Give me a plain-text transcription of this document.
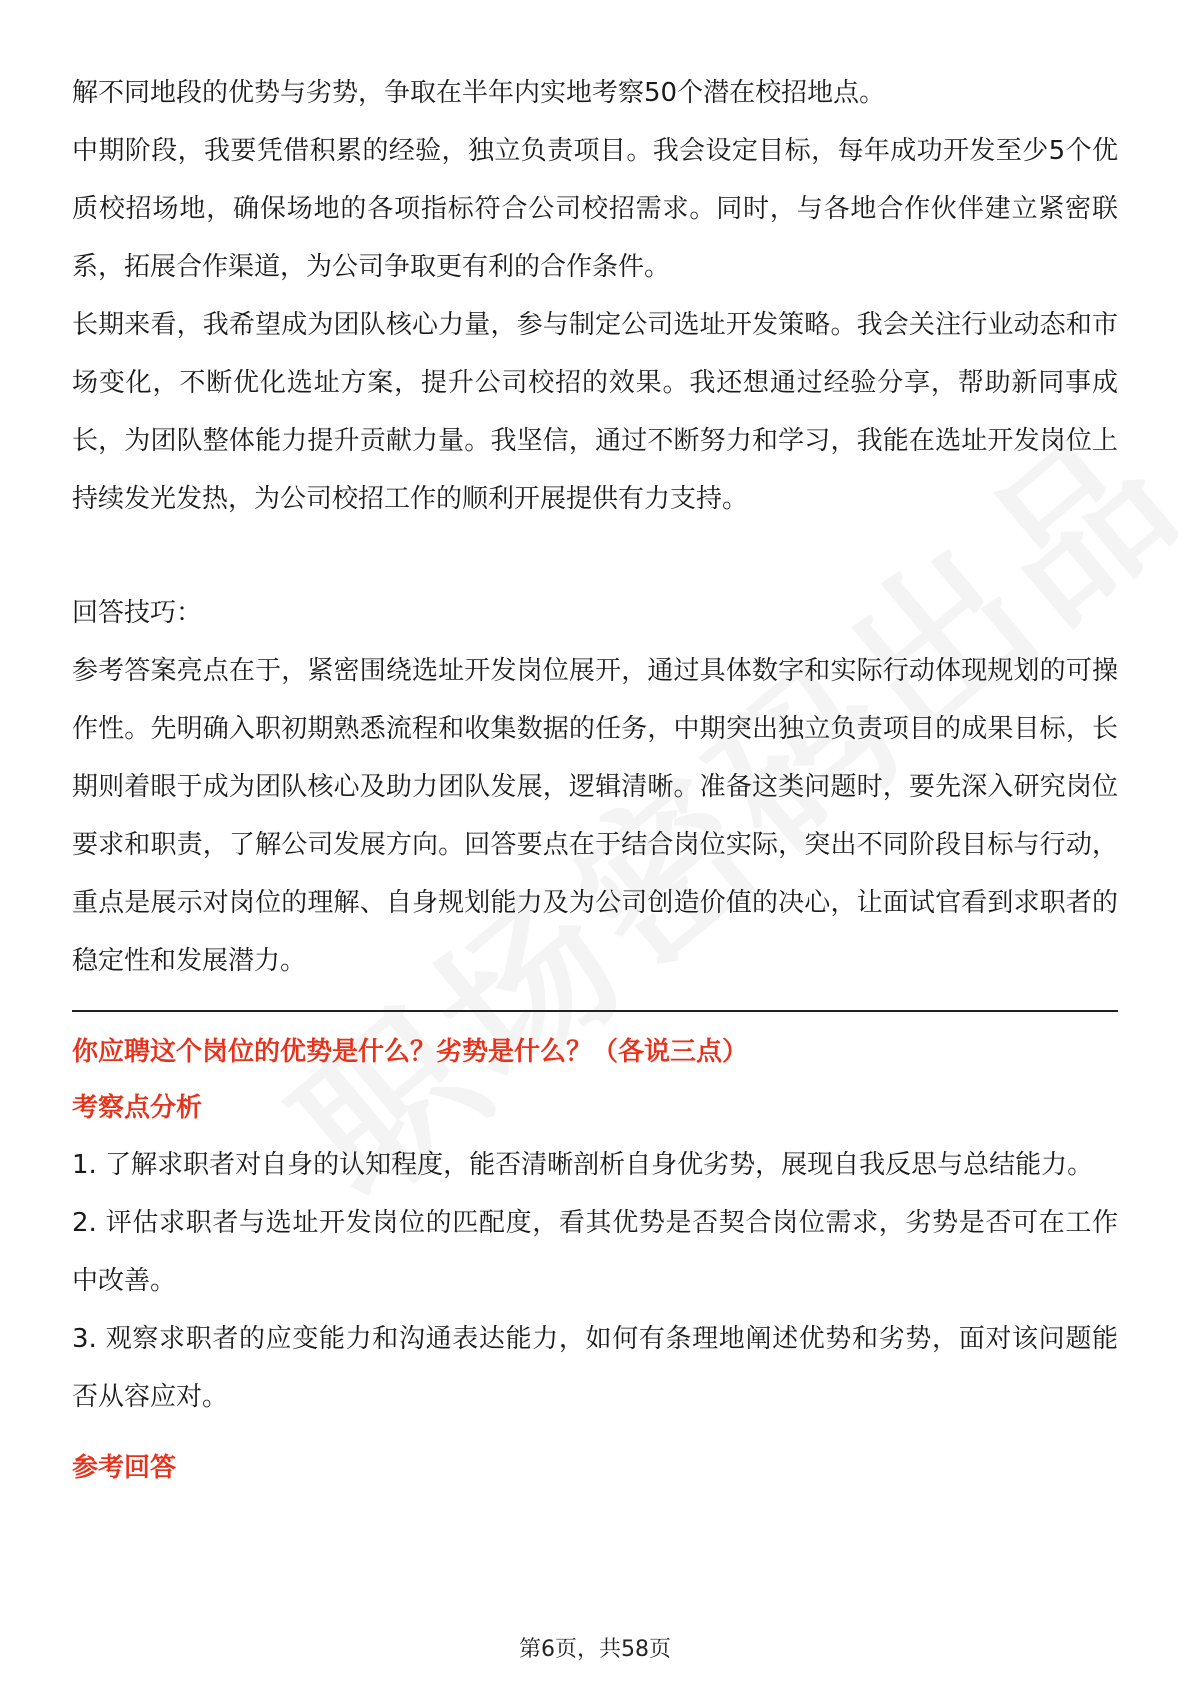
解不同地段的优势与劣势，争取在半年内实地考察50个潜在校招地点。

中期阶段，我要凭借积累的经验，独立负责项目。我会设定目标，每年成功开发至少5个优质校招场地，确保场地的各项指标符合公司校招需求。同时，与各地合作伙伴建立紧密联系，拓展合作渠道，为公司争取更有利的合作条件。

长期来看，我希望成为团队核心力量，参与制定公司选址开发策略。我会关注行业动态和市场变化，不断优化选址方案，提升公司校招的效果。我还想通过经验分享，帮助新同事成长，为团队整体能力提升贡献力量。我坚信，通过不断努力和学习，我能在选址开发岗位上持续发光发热，为公司校招工作的顺利开展提供有力支持。

回答技巧：

参考答案亮点在于，紧密围绕选址开发岗位展开，通过具体数字和实际行动体现规划的可操作性。先明确入职初期熟悉流程和收集数据的任务，中期突出独立负责项目的成果目标，长期则着眼于成为团队核心及助力团队发展，逻辑清晰。准备这类问题时，要先深入研究岗位要求和职责，了解公司发展方向。回答要点在于结合岗位实际，突出不同阶段目标与行动，重点是展示对岗位的理解、自身规划能力及为公司创造价值的决心，让面试官看到求职者的稳定性和发展潜力。

你应聘这个岗位的优势是什么？劣势是什么？（各说三点）

考察点分析

1. 了解求职者对自身的认知程度，能否清晰剖析自身优劣势，展现自我反思与总结能力。

2. 评估求职者与选址开发岗位的匹配度，看其优势是否契合岗位需求，劣势是否可在工作中改善。

3. 观察求职者的应变能力和沟通表达能力，如何有条理地阐述优势和劣势，面对该问题能否从容应对。

参考回答

第6页，共58页
